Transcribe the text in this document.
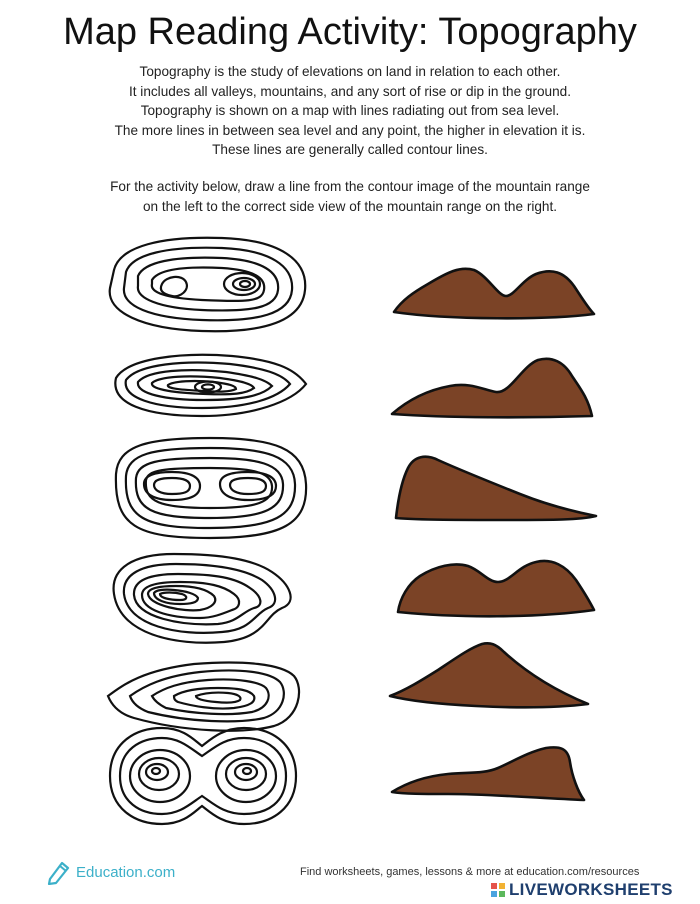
Map Reading Activity: Topography
Topography is the study of elevations on land in relation to each other.
It includes all valleys, mountains, and any sort of rise or dip in the ground.
Topography is shown on a map with lines radiating out from sea level.
The more lines in between sea level and any point, the higher in elevation it is.
These lines are generally called contour lines.
For the activity below, draw a line from the contour image of the mountain range
on the left to the correct side view of the mountain range on the right.
Education.com	Find worksheets, games, lessons & more at education.com/resources
LIVEWORKSHEETS
